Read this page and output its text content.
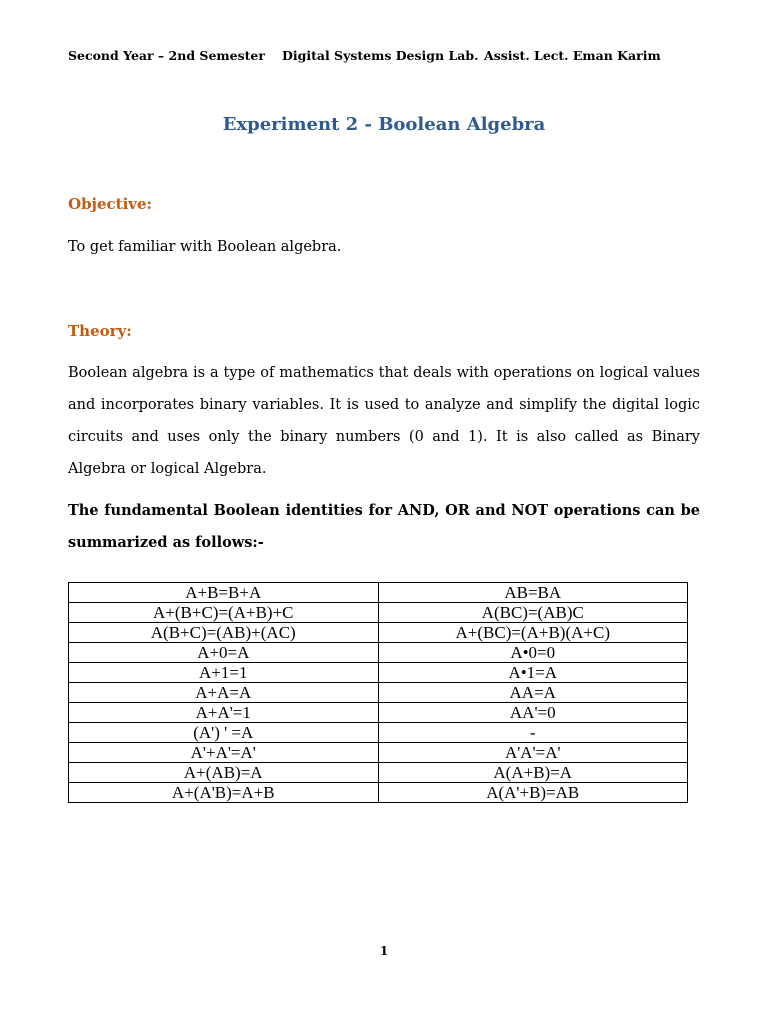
Second Year – 2nd Semester Digital Systems Design Lab. Assist. Lect. Eman Karim
Experiment 2 - Boolean Algebra
Objective:
To get familiar with Boolean algebra.
Theory:
Boolean algebra is a type of mathematics that deals with operations on logical values and incorporates binary variables. It is used to analyze and simplify the digital logic circuits and uses only the binary numbers (0 and 1). It is also called as Binary Algebra or logical Algebra.
The fundamental Boolean identities for AND, OR and NOT operations can be summarized as follows:-
A+B=B+A	AB=BA
A+(B+C)=(A+B)+C	A(BC)=(AB)C
A(B+C)=(AB)+(AC)	A+(BC)=(A+B)(A+C)
A+0=A	A•0=0
A+1=1	A•1=A
A+A=A	AA=A
A+A'=1	AA'=0
(A') ' =A	-
A'+A'=A'	A'A'=A'
A+(AB)=A	A(A+B)=A
A+(A'B)=A+B	A(A'+B)=AB
1
